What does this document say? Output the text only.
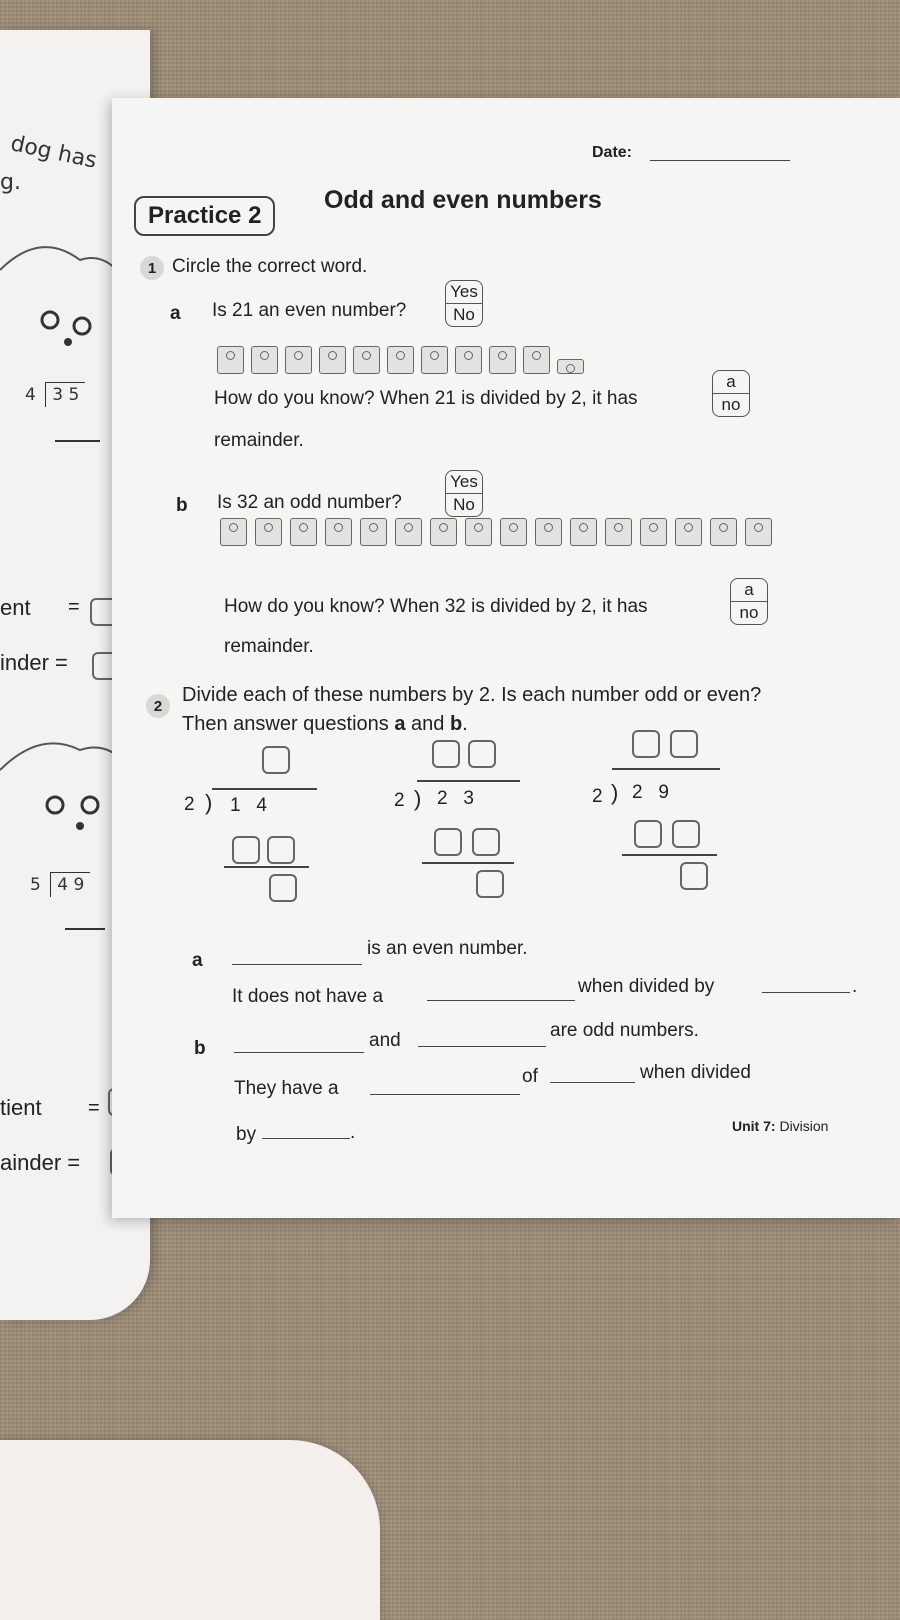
dog has
g.
4 3 5
ent =
inder =
5 4 9
tient =
ainder =
Date:
Practice 2
Odd and even numbers
1 Circle the correct word.
a Is 21 an even number?
Yes
No
How do you know? When 21 is divided by 2, it has
a
no
remainder.
b Is 32 an odd number?
Yes
No
How do you know? When 32 is divided by 2, it has
a
no
remainder.
2 Divide each of these numbers by 2. Is each number odd or even?
Then answer questions a and b.
2 ) 1   4	2 ) 2   3	2 ) 2   9
a
is an even number.
It does not have a	when divided by	.
b	and	are odd numbers.
They have a
of	when divided
by	.	Unit 7: Division
